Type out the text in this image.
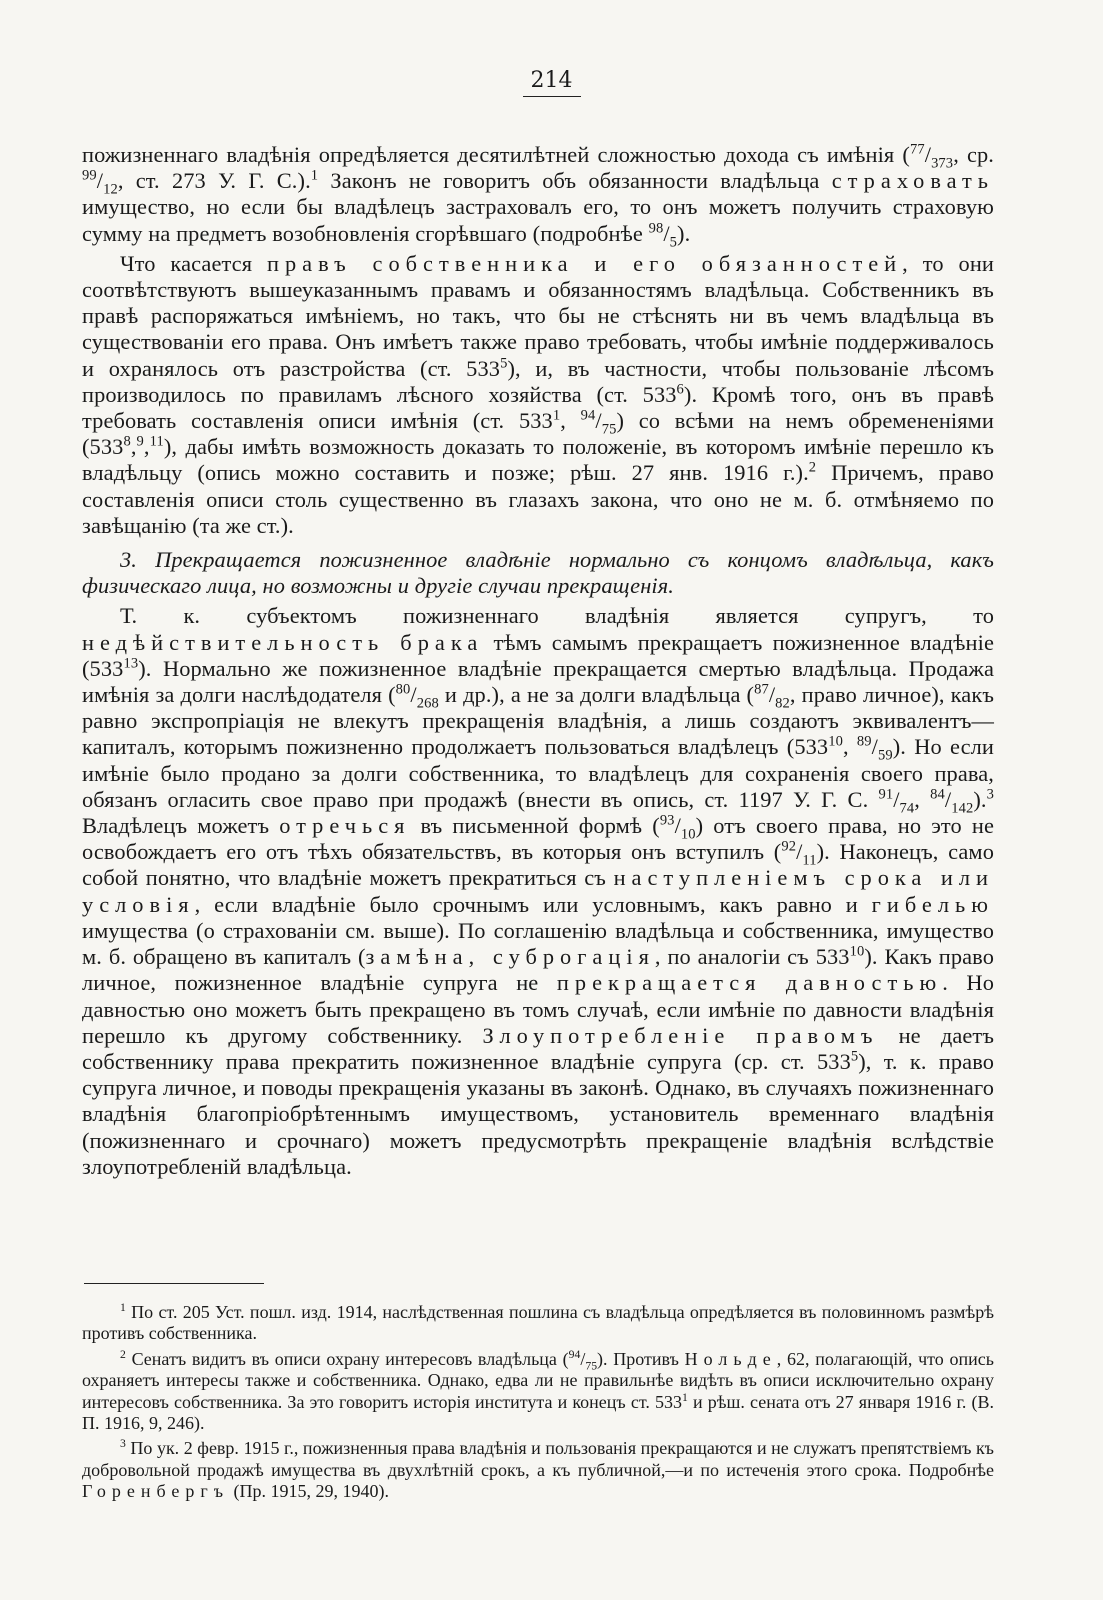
214

пожизненнагo владѣнія опредѣляется десятилѣтней сложностью дохода съ имѣнія ($^{77}/_{373}$, ср. $^{99}/_{12}$, ст. 273 У. Г. С.).$^1$ Законъ не говоритъ объ обязанности владѣльца страховать имущество, но если бы владѣлецъ застраховалъ его, то онъ можетъ получить страховую сумму на предметъ возобновленія сгорѣвшаго (подробнѣе $^{98}/_5$).

Что касается правъ собственника и его обязанностей, то они соотвѣтствуютъ вышеуказаннымъ правамъ и обязанностямъ владѣльца. Собственникъ въ правѣ распоряжаться имѣніемъ, но такъ, что бы не стѣснять ни въ чемъ владѣльца въ существованіи его права. Онъ имѣетъ также право требовать, чтобы имѣніе поддерживалось и охранялось отъ разстройства (ст. $533^5$), и, въ частности, чтобы пользованіе лѣсомъ производилось по правиламъ лѣсного хозяйства (ст. $533^6$). Кромѣ того, онъ въ правѣ требовать составленія описи имѣнія (ст. $533^1$, $^{94}/_{75}$) со всѣми на немъ обремененіями $(533^8,^9,^{11})$, дабы имѣть возможность доказать то положеніе, въ которомъ имѣніе перешло къ владѣльцу (опись можно составить и позже; рѣш. 27 янв. 1916 г.).$^2$ Причемъ, право составленія описи столь существенно въ глазахъ закона, что оно не м. б. отмѣняемо по завѣщанію (та же ст.).

3. Прекращается пожизненное владѣніе нормально съ концомъ владѣльца, какъ физическаго лица, но возможны и другіе случаи прекращенія.

Т. к. субъектомъ пожизненнаго владѣнія является супругъ, то недѣйствительность брака тѣмъ самымъ прекращаетъ пожизненное владѣніе $(533^{13})$. Нормально же пожизненное владѣніе прекращается смертью владѣльца. Продажа имѣнія за долги наслѣдодателя ($^{80}/_{268}$ и др.), а не за долги владѣльца ($^{87}/_{82}$, право личное), какъ равно экспропріація не влекутъ прекращенія владѣнія, а лишь создаютъ эквивалентъ—капиталъ, которымъ пожизненно продолжаетъ пользоваться владѣлецъ ($533^{10}$, $^{89}/_{59}$). Но если имѣніе было продано за долги собственника, то владѣлецъ для сохраненія своего права, обязанъ огласить свое право при продажѣ (внести въ опись, ст. 1197 У. Г. С. $^{91}/_{74}$, $^{84}/_{142}).^3$ Владѣлецъ можетъ отречься въ письменной формѣ $(^{93}/_{10})$ отъ своего права, но это не освобождаетъ его отъ тѣхъ обязательствъ, въ которыя онъ вступилъ $(^{92}/_{11})$. Наконецъ, само собой понятно, что владѣніе можетъ прекратиться съ наступленіемъ срока или условія, если владѣніе было срочнымъ или условнымъ, какъ равно и гибелью имущества (о страхованіи см. выше). По соглашенію владѣльца и собственника, имущество м. б. обращено въ капиталъ (замѣна, суброгація, по аналогіи съ $533^{10}$). Какъ право личное, пожизненное владѣніе супруга не прекращается давностью. Но давностью оно можетъ быть прекращено въ томъ случаѣ, если имѣніе по давности владѣнія перешло къ другому собственнику. Злоупотребленіе правомъ не даетъ собственнику права прекратить пожизненное владѣніе супруга (ср. ст. $533^5$), т. к. право супруга личное, и поводы прекращенія указаны въ законѣ. Однако, въ случаяхъ пожизненнаго владѣнія благопріобрѣтеннымъ имуществомъ, установитель временнаго владѣнія (пожизненнаго и срочнаго) можетъ предусмотрѣть прекращеніе владѣнія вслѣдствіе злоупотребленій владѣльца.

$^1$ По ст. 205 Уст. пошл. изд. 1914, наслѣдственная пошлина съ владѣльца опредѣляется въ половинномъ размѣрѣ противъ собственника.

$^2$ Сенатъ видитъ въ описи охрану интересовъ владѣльца $(^{94}/_{75})$. Противъ Нольде, 62, полагающій, что опись охраняетъ интересы также и собственника. Однако, едва ли не правильнѣе видѣть въ описи исключительно охрану интересовъ собственника. За это говоритъ исторія института и конецъ ст. $533^1$ и рѣш. сената отъ 27 января 1916 г. (В. П. 1916, 9, 246).

$^3$ По ук. 2 февр. 1915 г., пожизненныя права владѣнія и пользованія прекращаются и не служатъ препятствіемъ къ добровольной продажѣ имущества въ двухлѣтній срокъ, а къ публичной,—и по истеченія этого срока. Подробнѣе Горенбергъ (Пр. 1915, 29, 1940).
